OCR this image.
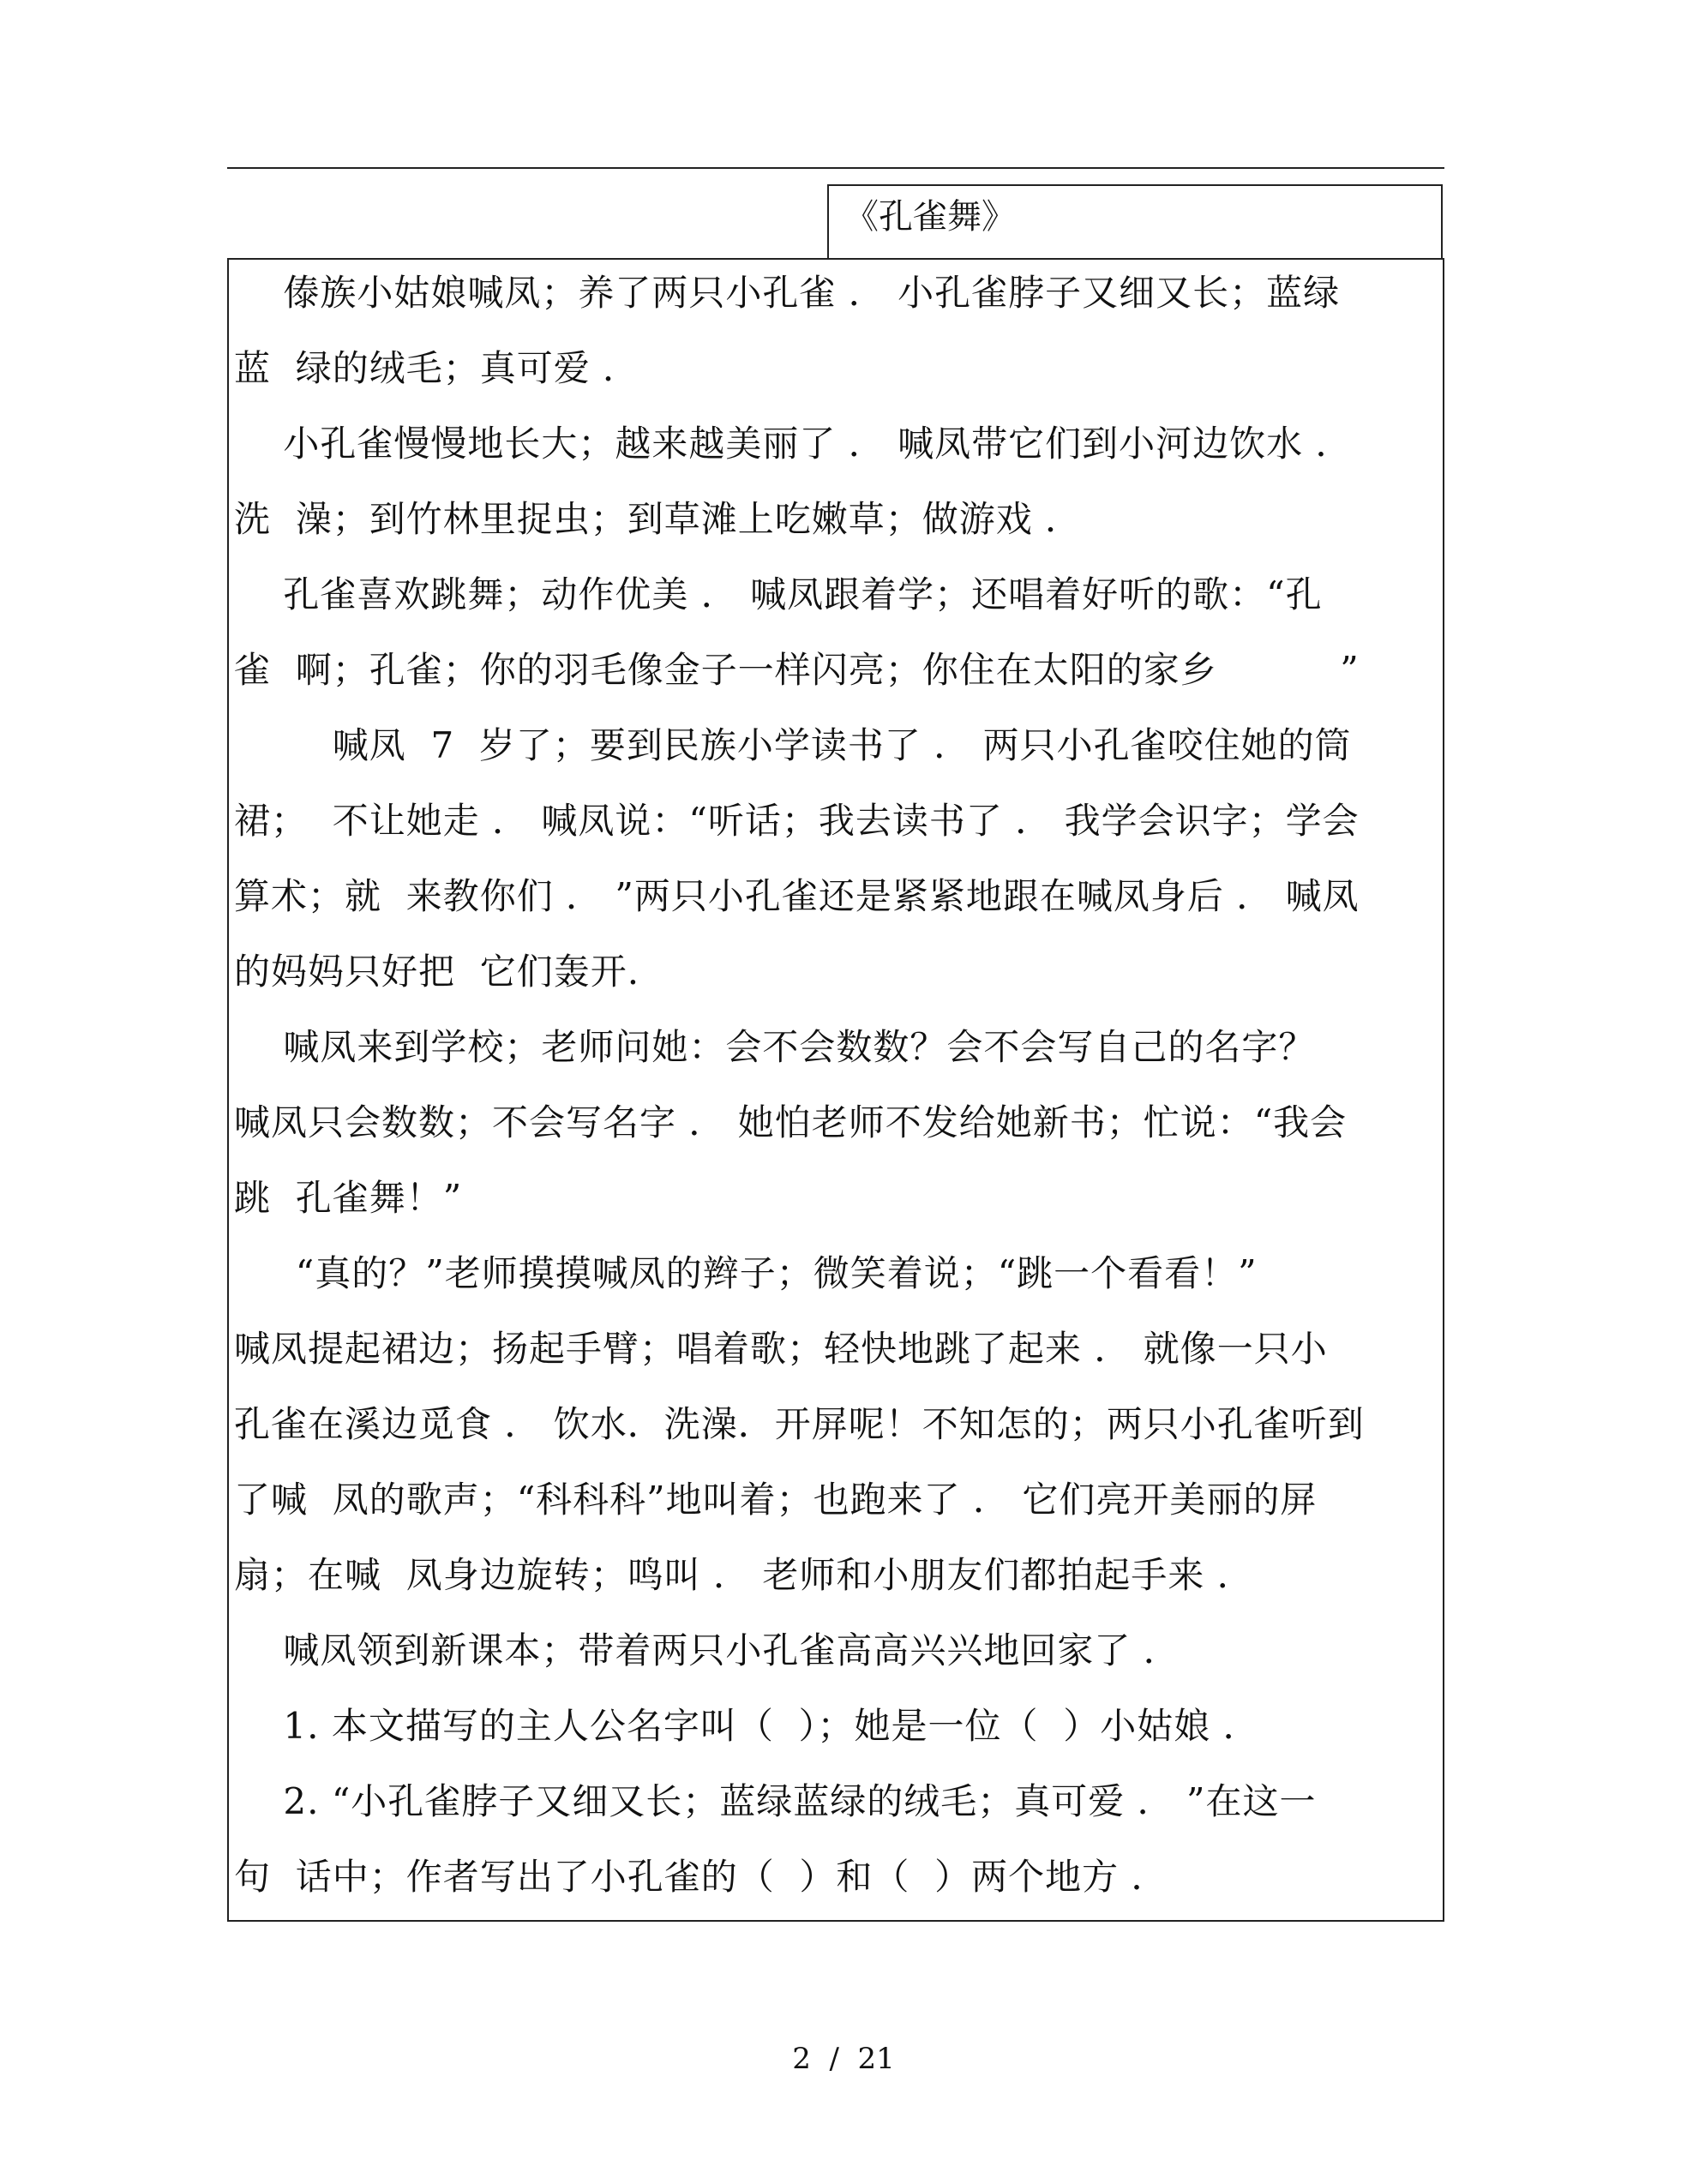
《孔雀舞》
傣族小姑娘喊凤；养了两只小孔雀 ． 小孔雀脖子又细又长；蓝绿
蓝  绿的绒毛；真可爱 ．
小孔雀慢慢地长大；越来越美丽了 ． 喊凤带它们到小河边饮水 ．
洗  澡；到竹林里捉虫；到草滩上吃嫩草；做游戏 ．
孔雀喜欢跳舞；动作优美 ． 喊凤跟着学；还唱着好听的歌：“孔
雀  啊；孔雀；你的羽毛像金子一样闪亮；你住在太阳的家乡          ”
喊凤  7  岁了；要到民族小学读书了 ． 两只小孔雀咬住她的筒
裙；  不让她走 ． 喊凤说：“听话；我去读书了 ． 我学会识字；学会
算术；就  来教你们 ． ”两只小孔雀还是紧紧地跟在喊凤身后 ． 喊凤
的妈妈只好把  它们轰开.
喊凤来到学校；老师问她：会不会数数？会不会写自己的名字？
喊凤只会数数；不会写名字 ． 她怕老师不发给她新书；忙说：“我会
跳  孔雀舞！”
“真的？”老师摸摸喊凤的辫子；微笑着说；“跳一个看看！”
喊凤提起裙边；扬起手臂；唱着歌；轻快地跳了起来 ． 就像一只小
孔雀在溪边觅食 ． 饮水．洗澡．开屏呢！不知怎的；两只小孔雀听到
了喊  凤的歌声；“科科科”地叫着；也跑来了 ． 它们亮开美丽的屏
扇；在喊  凤身边旋转；鸣叫 ． 老师和小朋友们都拍起手来 ．
喊凤领到新课本；带着两只小孔雀高高兴兴地回家了 ．
1. 本文描写的主人公名字叫（  ）；她是一位（  ）小姑娘 ．
2. “小孔雀脖子又细又长；蓝绿蓝绿的绒毛；真可爱 ． ”在这一
句  话中；作者写出了小孔雀的（  ）和（  ）两个地方 ．
2  /  21
